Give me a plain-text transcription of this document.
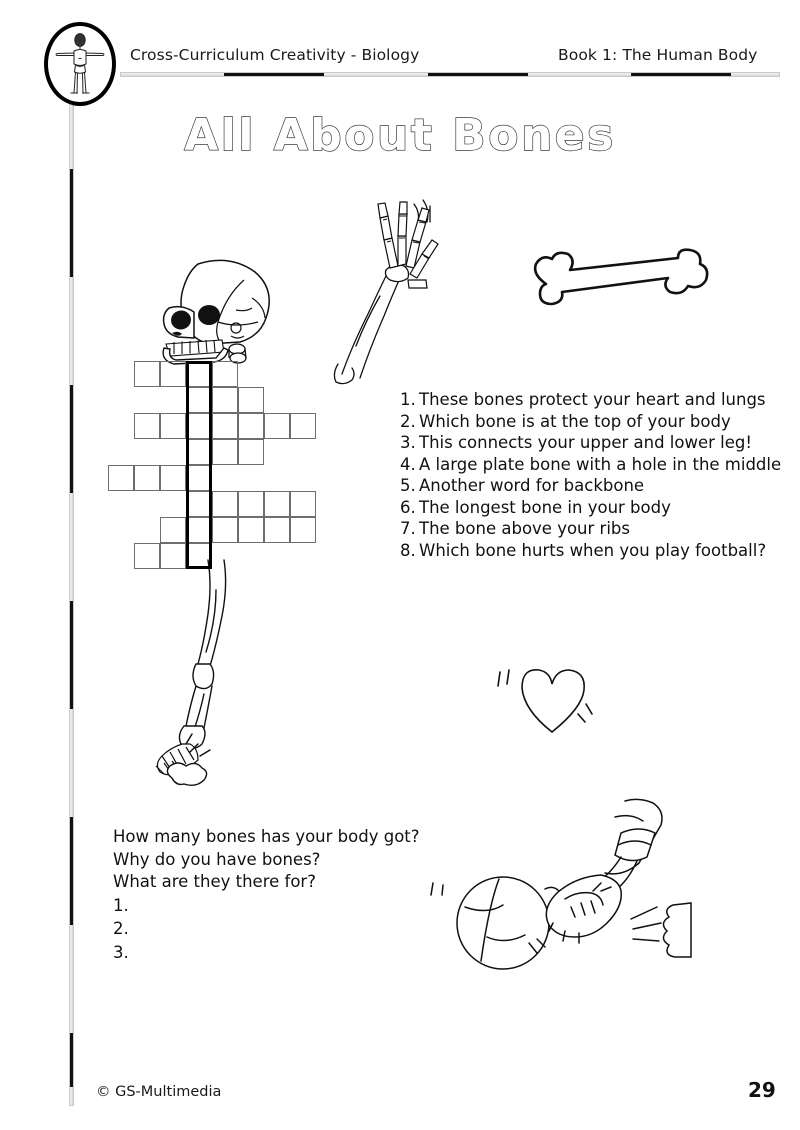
Cross-Curriculum Creativity - Biology	Book 1: The Human Body
All About Bones
1. These bones protect your heart and lungs
2. Which bone is at the top of your body
3. This connects your upper and lower leg!
4. A large plate bone with a hole in the middle
5. Another word for backbone
6. The longest bone in your body
7. The bone above your ribs
8. Which bone hurts when you play football?
How many bones has your body got?
Why do you have bones?
What are they there for?
1.
2.
3.
© GS-Multimedia	29
